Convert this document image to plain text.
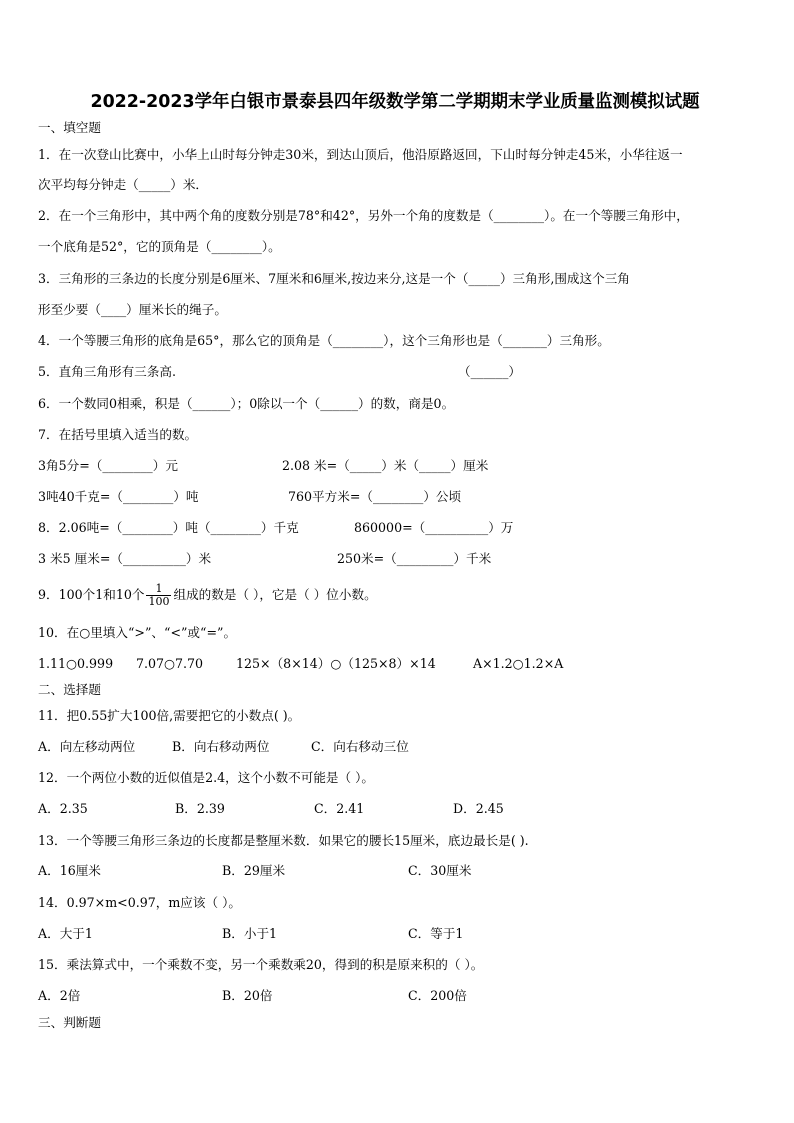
2022-2023学年白银市景泰县四年级数学第二学期期末学业质量监测模拟试题
一、填空题
1．在一次登山比赛中，小华上山时每分钟走30米，到达山顶后，他沿原路返回，下山时每分钟走45米，小华往返一
次平均每分钟走（_____）米．
2．在一个三角形中，其中两个角的度数分别是78°和42°，另外一个角的度数是（________）。在一个等腰三角形中，
一个底角是52°，它的顶角是（________）。
3．三角形的三条边的长度分别是6厘米、7厘米和6厘米,按边来分,这是一个（_____）三角形,围成这个三角
形至少要（____）厘米长的绳子。
4．一个等腰三角形的底角是65°，那么它的顶角是（________），这个三角形也是（_______）三角形。
5．直角三角形有三条高.	（______）
6．一个数同0相乘，积是（______）；0除以一个（______）的数，商是0。
7．在括号里填入适当的数。
3角5分=（________）元	2.08 米=（_____）米（_____）厘米
3吨40千克=（________）吨	760平方米=（________）公顷
8．2.06吨=（________）吨（________）千克	860000=（__________）万
3 米5 厘米=（__________）米	250米=（_________）千米
9．100个1和10个 $\frac{1}{100}$ 组成的数是（ ），它是（ ）位小数。
10．在○里填入“>”、“<”或“=”。
1.11○0.999 7.07○7.70	125×（8×14）○（125×8）×14	A×1.2○1.2×A
二、选择题
11．把0.55扩大100倍,需要把它的小数点( )。
A．向左移动两位	B．向右移动两位	C．向右移动三位
12．一个两位小数的近似值是2.4，这个小数不可能是（ ）。
A．2.35	B．2.39	C．2.41	D．2.45
13．一个等腰三角形三条边的长度都是整厘米数．如果它的腰长15厘米，底边最长是( ).
A．16厘米	B．29厘米	C．30厘米
14．0.97×m<0.97，m应该（ ）。
A．大于1	B．小于1	C．等于1
15．乘法算式中，一个乘数不变，另一个乘数乘20，得到的积是原来积的（ ）。
A．2倍	B．20倍	C．200倍
三、判断题
